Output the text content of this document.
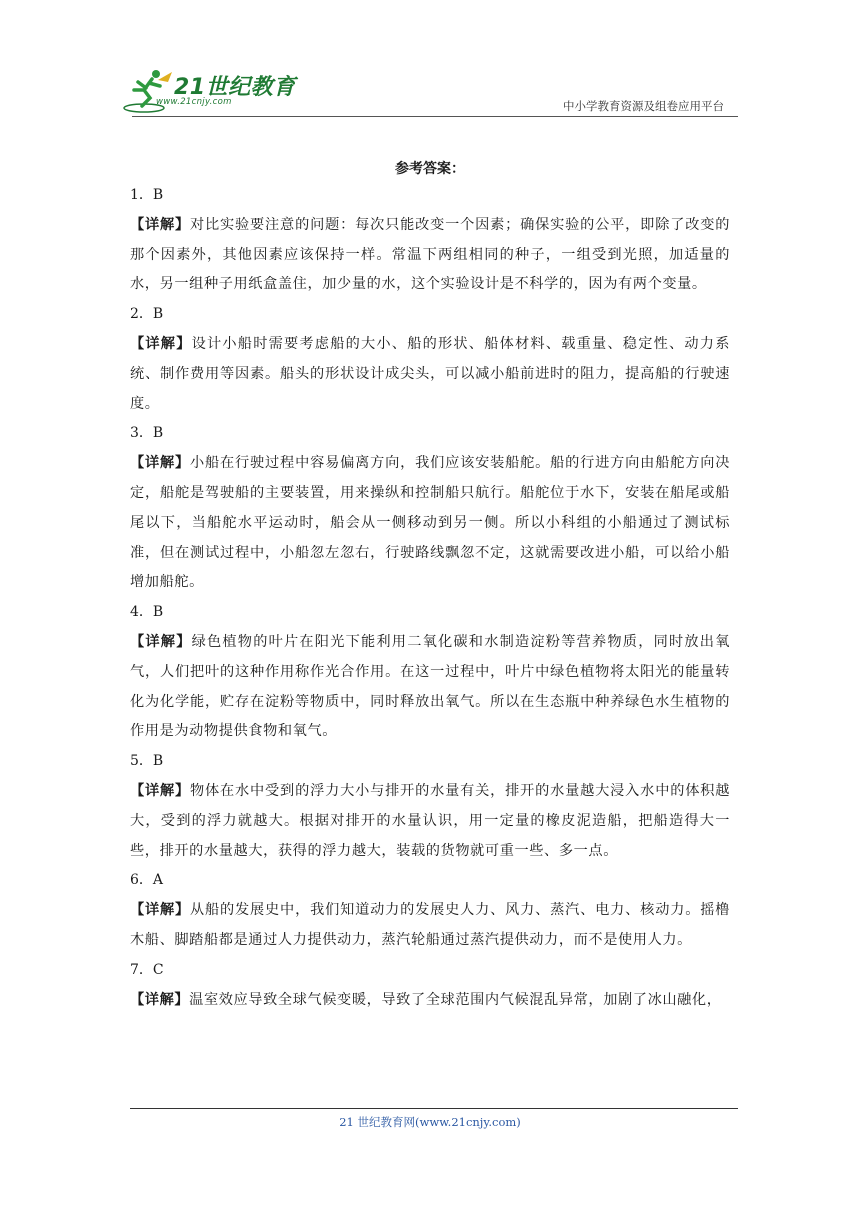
21世纪教育
www.21cnjy.com	中小学教育资源及组卷应用平台
参考答案：
1．B
【详解】对比实验要注意的问题：每次只能改变一个因素；确保实验的公平，即除了改变的那个因素外，其他因素应该保持一样。常温下两组相同的种子，一组受到光照，加适量的水，另一组种子用纸盒盖住，加少量的水，这个实验设计是不科学的，因为有两个变量。
2．B
【详解】设计小船时需要考虑船的大小、船的形状、船体材料、载重量、稳定性、动力系统、制作费用等因素。船头的形状设计成尖头，可以减小船前进时的阻力，提高船的行驶速度。
3．B
【详解】小船在行驶过程中容易偏离方向，我们应该安装船舵。船的行进方向由船舵方向决定，船舵是驾驶船的主要装置，用来操纵和控制船只航行。船舵位于水下，安装在船尾或船尾以下，当船舵水平运动时，船会从一侧移动到另一侧。所以小科组的小船通过了测试标准，但在测试过程中，小船忽左忽右，行驶路线飘忽不定，这就需要改进小船，可以给小船增加船舵。
4．B
【详解】绿色植物的叶片在阳光下能利用二氧化碳和水制造淀粉等营养物质，同时放出氧气，人们把叶的这种作用称作光合作用。在这一过程中，叶片中绿色植物将太阳光的能量转化为化学能，贮存在淀粉等物质中，同时释放出氧气。所以在生态瓶中种养绿色水生植物的作用是为动物提供食物和氧气。
5．B
【详解】物体在水中受到的浮力大小与排开的水量有关，排开的水量越大浸入水中的体积越大，受到的浮力就越大。根据对排开的水量认识，用一定量的橡皮泥造船，把船造得大一些，排开的水量越大，获得的浮力越大，装载的货物就可重一些、多一点。
6．A
【详解】从船的发展史中，我们知道动力的发展史人力、风力、蒸汽、电力、核动力。摇橹木船、脚踏船都是通过人力提供动力，蒸汽轮船通过蒸汽提供动力，而不是使用人力。
7．C
【详解】温室效应导致全球气候变暖，导致了全球范围内气候混乱异常，加剧了冰山融化，
21 世纪教育网(www.21cnjy.com)
